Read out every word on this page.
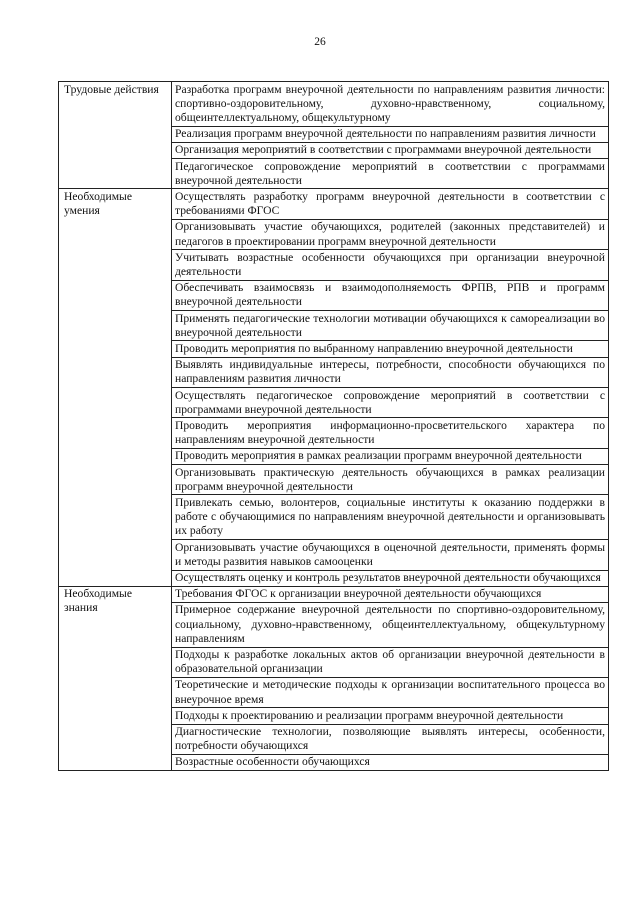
26
Трудовые действия	Разработка программ внеурочной деятельности по направлениям развития личности: спортивно-оздоровительному, духовно-нравственному, социальному, общеинтеллектуальному, общекультурному
	Реализация программ внеурочной деятельности по направлениям развития личности
	Организация мероприятий в соответствии с программами внеурочной деятельности
	Педагогическое сопровождение мероприятий в соответствии с программами внеурочной деятельности
Необходимые умения	Осуществлять разработку программ внеурочной деятельности в соответствии с требованиями ФГОС
	Организовывать участие обучающихся, родителей (законных представителей) и педагогов в проектировании программ внеурочной деятельности
	Учитывать возрастные особенности обучающихся при организации внеурочной деятельности
	Обеспечивать взаимосвязь и взаимодополняемость ФРПВ, РПВ и программ внеурочной деятельности
	Применять педагогические технологии мотивации обучающихся к самореализации во внеурочной деятельности
	Проводить мероприятия по выбранному направлению внеурочной деятельности
	Выявлять индивидуальные интересы, потребности, способности обучающихся по направлениям развития личности
	Осуществлять педагогическое сопровождение мероприятий в соответствии с программами внеурочной деятельности
	Проводить мероприятия информационно-просветительского характера по направлениям внеурочной деятельности
	Проводить мероприятия в рамках реализации программ внеурочной деятельности
	Организовывать практическую деятельность обучающихся в рамках реализации программ внеурочной деятельности
	Привлекать семью, волонтеров, социальные институты к оказанию поддержки в работе с обучающимися по направлениям внеурочной деятельности и организовывать их работу
	Организовывать участие обучающихся в оценочной деятельности, применять формы и методы развития навыков самооценки
	Осуществлять оценку и контроль результатов внеурочной деятельности обучающихся
Необходимые знания	Требования ФГОС к организации внеурочной деятельности обучающихся
	Примерное содержание внеурочной деятельности по спортивно-оздоровительному, социальному, духовно-нравственному, общеинтеллектуальному, общекультурному направлениям
	Подходы к разработке локальных актов об организации внеурочной деятельности в образовательной организации
	Теоретические и методические подходы к организации воспитательного процесса во внеурочное время
	Подходы к проектированию и реализации программ внеурочной деятельности
	Диагностические технологии, позволяющие выявлять интересы, особенности, потребности обучающихся
	Возрастные особенности обучающихся
